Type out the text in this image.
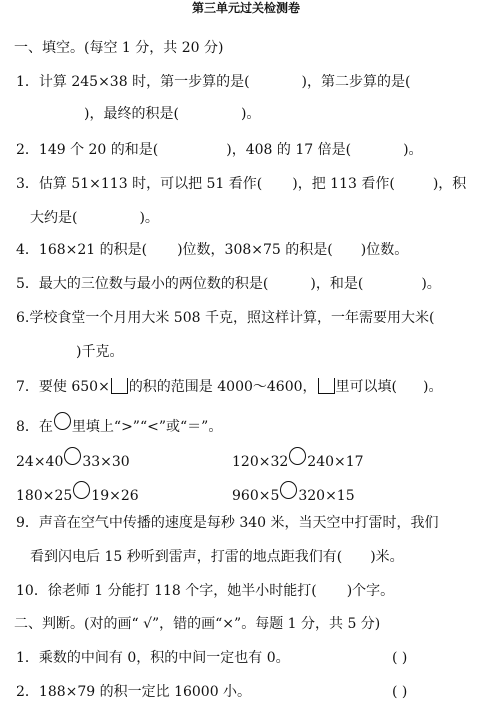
第三单元过关检测卷
一、填空。(每空 1 分，共 20 分)
1．计算 245×38 时，第一步算的是(	)，第二步算的是(
)，最终的积是(	)。
2．149 个 20 的和是(	)，408 的 17 倍是(	)。
3．估算 51×113 时，可以把 51 看作( )，把 113 看作(	)，积
大约是(	)。
4．168×21 的积是( )位数，308×75 的积是( )位数。
5．最大的三位数与最小的两位数的积是(	)，和是(	)。
6.学校食堂一个月用大米 508 千克，照这样计算，一年需要用大米(
)千克。
7．要使 650× 的积的范围是 4000～4600， 里可以填( )。
8．在 里填上“>”“<”或“＝”。
24×40 33×30	120×32 240×17
180×25 19×26	960×5 320×15
9．声音在空气中传播的速度是每秒 340 米，当天空中打雷时，我们
看到闪电后 15 秒听到雷声，打雷的地点距我们有( )米。
10．徐老师 1 分能打 118 个字，她半小时能打( )个字。
二、判断。(对的画“ √”，错的画“×”。每题 1 分，共 5 分)
1．乘数的中间有 0，积的中间一定也有 0。	( )
2．188×79 的积一定比 16000 小。	( )
